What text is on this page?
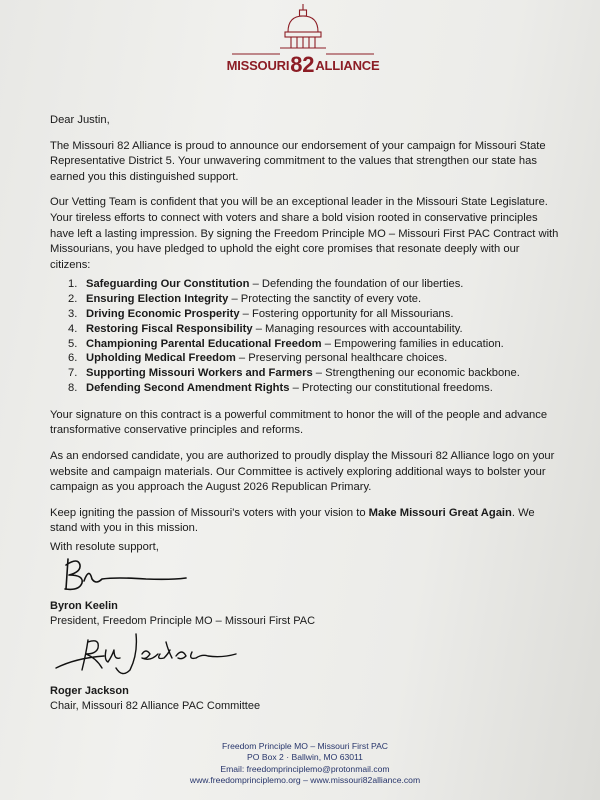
MISSOURI 82 ALLIANCE

Dear Justin,

The Missouri 82 Alliance is proud to announce our endorsement of your campaign for Missouri State Representative District 5. Your unwavering commitment to the values that strengthen our state has earned you this distinguished support.

Our Vetting Team is confident that you will be an exceptional leader in the Missouri State Legislature. Your tireless efforts to connect with voters and share a bold vision rooted in conservative principles have left a lasting impression. By signing the Freedom Principle MO – Missouri First PAC Contract with Missourians, you have pledged to uphold the eight core promises that resonate deeply with our citizens:

1. Safeguarding Our Constitution – Defending the foundation of our liberties.
2. Ensuring Election Integrity – Protecting the sanctity of every vote.
3. Driving Economic Prosperity – Fostering opportunity for all Missourians.
4. Restoring Fiscal Responsibility – Managing resources with accountability.
5. Championing Parental Educational Freedom – Empowering families in education.
6. Upholding Medical Freedom – Preserving personal healthcare choices.
7. Supporting Missouri Workers and Farmers – Strengthening our economic backbone.
8. Defending Second Amendment Rights – Protecting our constitutional freedoms.

Your signature on this contract is a powerful commitment to honor the will of the people and advance transformative conservative principles and reforms.

As an endorsed candidate, you are authorized to proudly display the Missouri 82 Alliance logo on your website and campaign materials. Our Committee is actively exploring additional ways to bolster your campaign as you approach the August 2026 Republican Primary.

Keep igniting the passion of Missouri's voters with your vision to Make Missouri Great Again. We stand with you in this mission.

With resolute support,
Byron Keelin
President, Freedom Principle MO – Missouri First PAC
Roger Jackson
Chair, Missouri 82 Alliance PAC Committee
Freedom Principle MO – Missouri First PAC
PO Box 2 · Ballwin, MO 63011
Email: freedomprinciplemo@protonmail.com
www.freedomprinciplemo.org – www.missouri82alliance.com
